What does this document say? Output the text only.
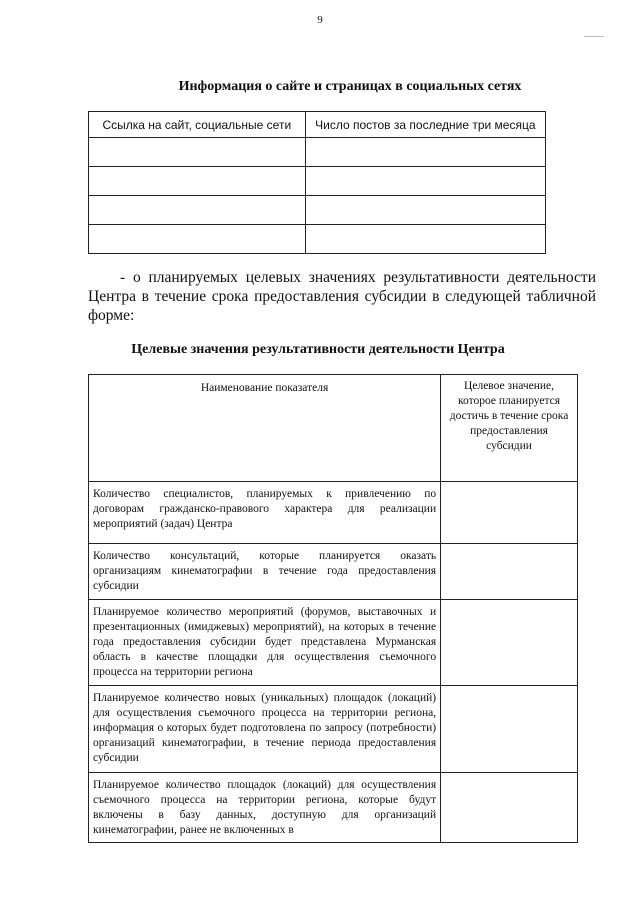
9
Информация о сайте и страницах в социальных сетях
Ссылка на сайт, социальные сети	Число постов за последние три месяца

- о планируемых целевых значениях результативности деятельности Центра в течение срока предоставления субсидии в следующей табличной форме:
Целевые значения результативности деятельности Центра
Наименование показателя	Целевое значение, которое планируется достичь в течение срока предоставления субсидии
Количество специалистов, планируемых к привлечению по договорам гражданско-правового характера для реализации мероприятий (задач) Центра	
Количество консультаций, которые планируется оказать организациям кинематографии в течение года предоставления субсидии	
Планируемое количество мероприятий (форумов, выставочных и презентационных (имиджевых) мероприятий), на которых в течение года предоставления субсидии будет представлена Мурманская область в качестве площадки для осуществления съемочного процесса на территории региона	
Планируемое количество новых (уникальных) площадок (локаций) для осуществления съемочного процесса на территории региона, информация о которых будет подготовлена по запросу (потребности) организаций кинематографии, в течение периода предоставления субсидии	
Планируемое количество площадок (локаций) для осуществления съемочного процесса на территории региона, которые будут включены в базу данных, доступную для организаций кинематографии, ранее не включенных в	
